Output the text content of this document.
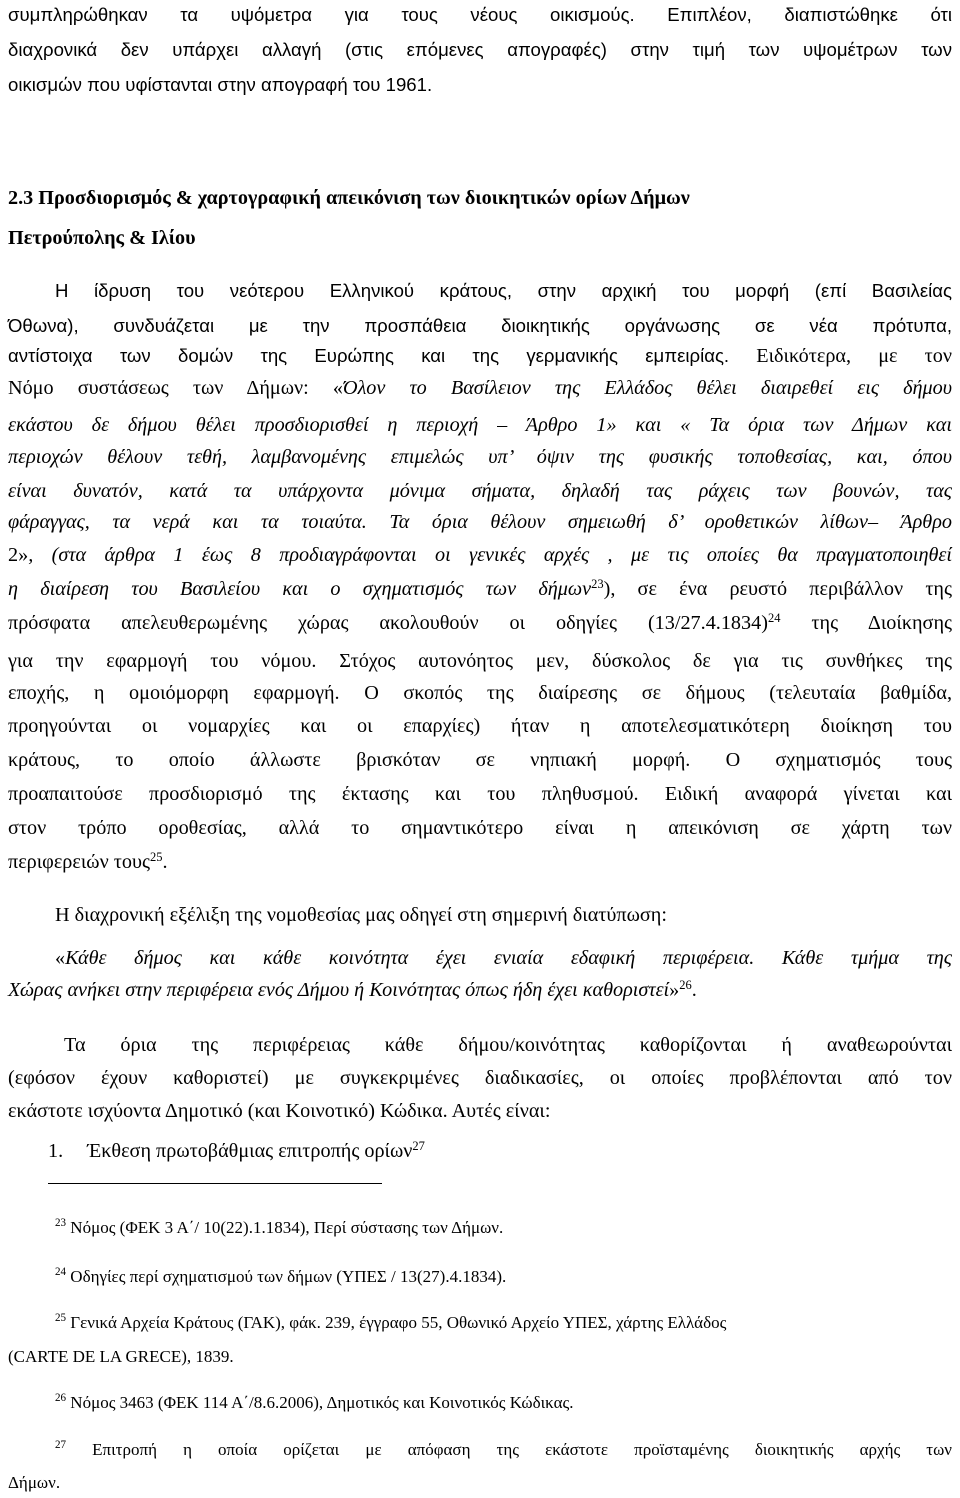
συμπληρώθηκαν τα υψόμετρα για τους νέους οικισμούς. Επιπλέον, διαπιστώθηκε ότι
διαχρονικά δεν υπάρχει αλλαγή (στις επόμενες απογραφές) στην τιμή των υψομέτρων των
οικισμών που υφίστανται στην απογραφή του 1961.
2.3 Προσδιορισμός & χαρτογραφική απεικόνιση των διοικητικών ορίων Δήμων
Πετρούπολης & Ιλίου
Η ίδρυση του νεότερου Ελληνικού κράτους, στην αρχική του μορφή (επί Βασιλείας
Όθωνα), συνδυάζεται με την προσπάθεια διοικητικής οργάνωσης σε νέα πρότυπα,
αντίστοιχα των δομών της Ευρώπης και της γερμανικής εμπειρίας. Ειδικότερα, με τον
Νόμο συστάσεως των Δήμων: «Όλον το Βασίλειον της Ελλάδος θέλει διαιρεθεί εις δήμου
εκάστου δε δήμου θέλει προσδιορισθεί η περιοχή – Άρθρο 1» και « Τα όρια των Δήμων και
περιοχών θέλουν τεθή, λαμβανομένης επιμελώς υπ’ όψιν της φυσικής τοποθεσίας, και, όπου
είναι δυνατόν, κατά τα υπάρχοντα μόνιμα σήματα, δηλαδή τας ράχεις των βουνών, τας
φάραγγας, τα νερά και τα τοιαύτα. Τα όρια θέλουν σημειωθή δ’ οροθετικών λίθων– Άρθρο
2», (στα άρθρα 1 έως 8 προδιαγράφονται οι γενικές αρχές , με τις οποίες θα πραγματοποιηθεί
η διαίρεση του Βασιλείου και ο σχηματισμός των δήμων$^{23}$), σε ένα ρευστό περιβάλλον της
πρόσφατα απελευθερωμένης χώρας ακολουθούν οι οδηγίες $(13/27.4.1834)^{24}$ της Διοίκησης
για την εφαρμογή του νόμου. Στόχος αυτονόητος μεν, δύσκολος δε για τις συνθήκες της
εποχής, η ομοιόμορφη εφαρμογή. Ο σκοπός της διαίρεσης σε δήμους (τελευταία βαθμίδα,
προηγούνται οι νομαρχίες και οι επαρχίες) ήταν η αποτελεσματικότερη διοίκηση του
κράτους, το οποίο άλλωστε βρισκόταν σε νηπιακή μορφή. Ο σχηματισμός τους
προαπαιτούσε προσδιορισμό της έκτασης και του πληθυσμού. Ειδική αναφορά γίνεται και
στον τρόπο οροθεσίας, αλλά το σημαντικότερο είναι η απεικόνιση σε χάρτη των
περιφερειών τους$^{25}$.
Η διαχρονική εξέλιξη της νομοθεσίας μας οδηγεί στη σημερινή διατύπωση:
«Κάθε δήμος και κάθε κοινότητα έχει ενιαία εδαφική περιφέρεια. Κάθε τμήμα της
Χώρας ανήκει στην περιφέρεια ενός Δήμου ή Κοινότητας όπως ήδη έχει καθοριστεί»$^{26}$.
Τα όρια της περιφέρειας κάθε δήμου/κοινότητας καθορίζονται ή αναθεωρούνται
(εφόσον έχουν καθοριστεί) με συγκεκριμένες διαδικασίες, οι οποίες προβλέπονται από τον
εκάστοτε ισχύοντα Δημοτικό (και Κοινοτικό) Κώδικα. Αυτές είναι:
1. Έκθεση πρωτοβάθμιας επιτροπής ορίων$^{27}$
$^{23}$ Νόμος (ΦΕΚ 3 Α΄/ 10(22).1.1834), Περί σύστασης των Δήμων.
$^{24}$ Οδηγίες περί σχηματισμού των δήμων (ΥΠΕΣ / 13(27).4.1834).
$^{25}$ Γενικά Αρχεία Κράτους (ΓΑΚ), φάκ. 239, έγγραφο 55, Οθωνικό Αρχείο ΥΠΕΣ, χάρτης Ελλάδος
(CARTE DE LA GRECE), 1839.
$^{26}$ Νόμος 3463 (ΦΕΚ 114 Α΄/8.6.2006), Δημοτικός και Κοινοτικός Κώδικας.
$^{27}$ Επιτροπή η οποία ορίζεται με απόφαση της εκάστοτε προϊσταμένης διοικητικής αρχής των
Δήμων.
